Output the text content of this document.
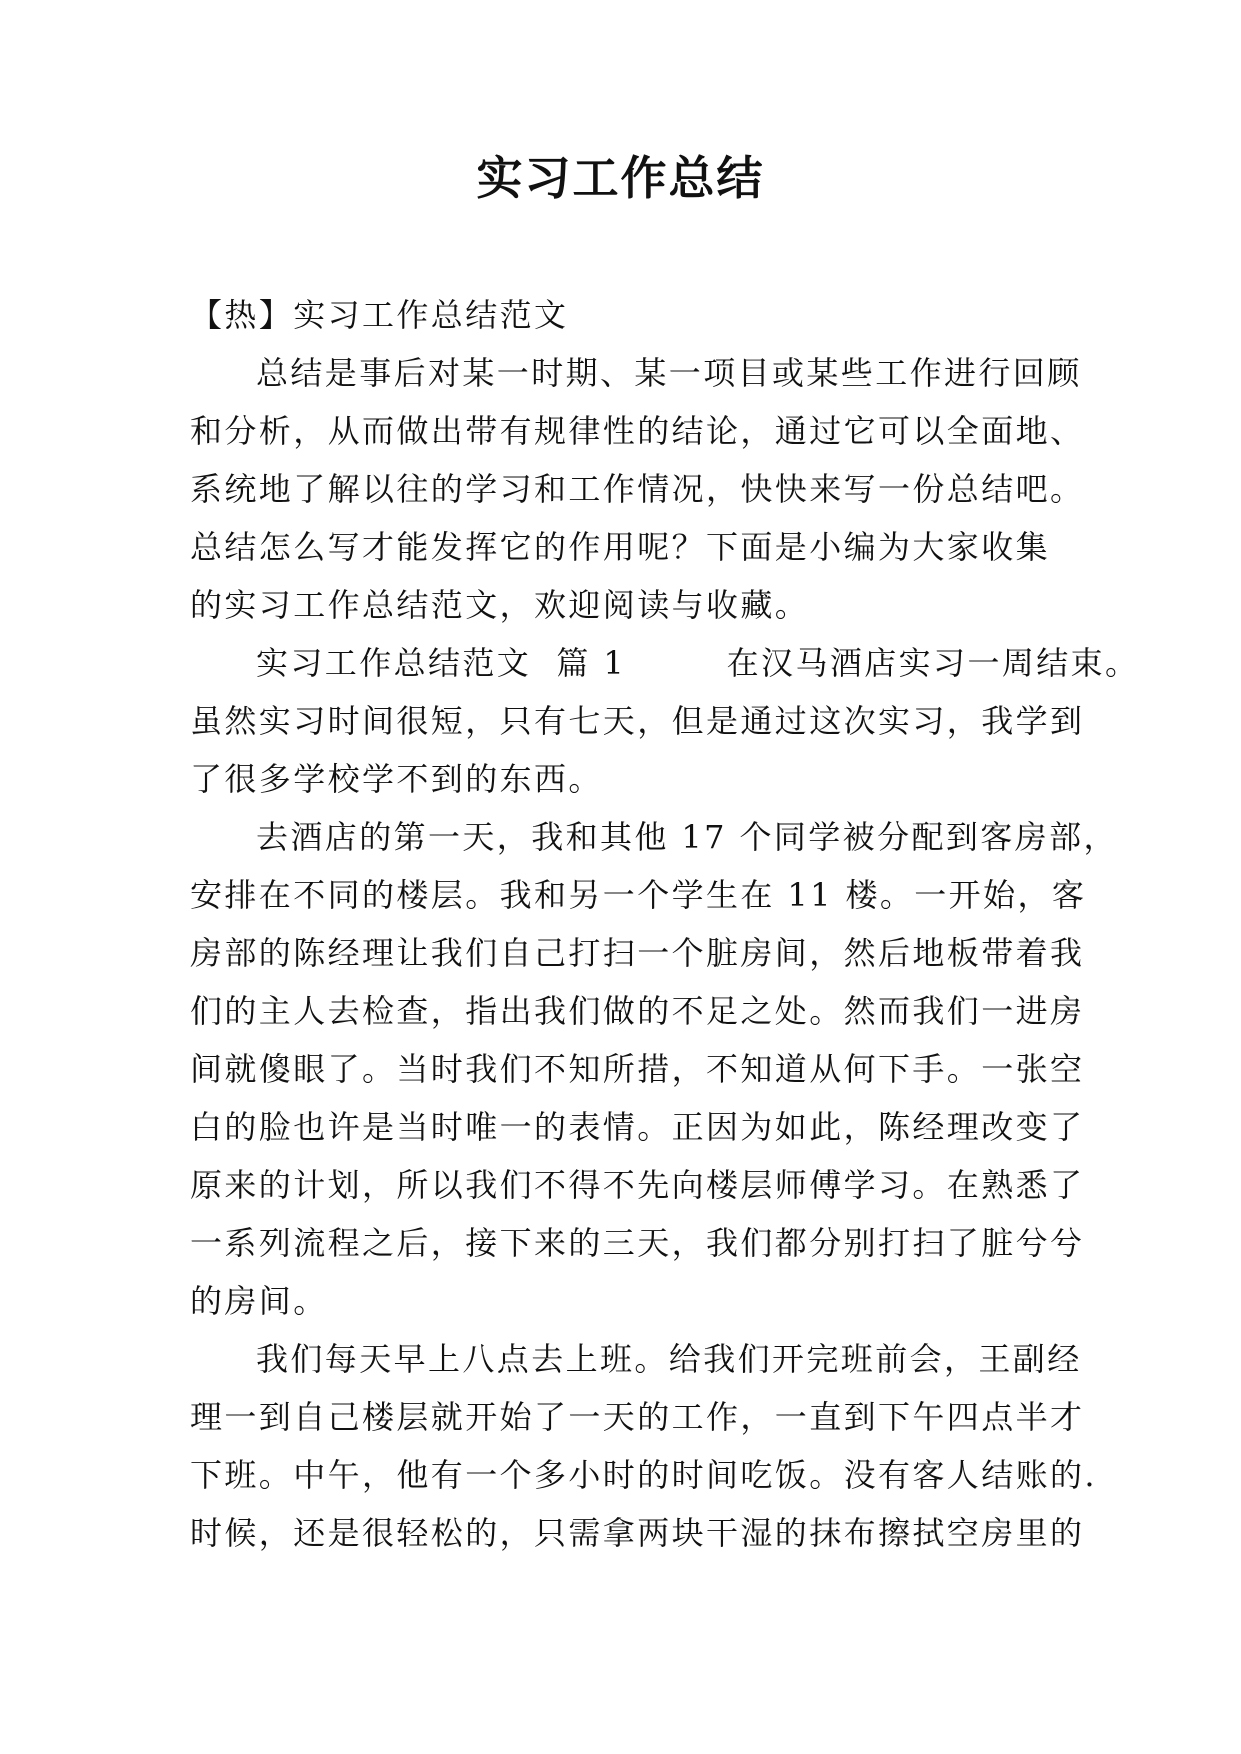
实习工作总结
【热】实习工作总结范文
总结是事后对某一时期、某一项目或某些工作进行回顾
和分析，从而做出带有规律性的结论，通过它可以全面地、
系统地了解以往的学习和工作情况，快快来写一份总结吧。
总结怎么写才能发挥它的作用呢？下面是小编为大家收集
的实习工作总结范文，欢迎阅读与收藏。
实习工作总结范文  篇 1        在汉马酒店实习一周结束。
虽然实习时间很短，只有七天，但是通过这次实习，我学到
了很多学校学不到的东西。
去酒店的第一天，我和其他 17 个同学被分配到客房部，
安排在不同的楼层。我和另一个学生在 11 楼。一开始，客
房部的陈经理让我们自己打扫一个脏房间，然后地板带着我
们的主人去检查，指出我们做的不足之处。然而我们一进房
间就傻眼了。当时我们不知所措，不知道从何下手。一张空
白的脸也许是当时唯一的表情。正因为如此，陈经理改变了
原来的计划，所以我们不得不先向楼层师傅学习。在熟悉了
一系列流程之后，接下来的三天，我们都分别打扫了脏兮兮
的房间。
我们每天早上八点去上班。给我们开完班前会，王副经
理一到自己楼层就开始了一天的工作，一直到下午四点半才
下班。中午，他有一个多小时的时间吃饭。没有客人结账的.
时候，还是很轻松的，只需拿两块干湿的抹布擦拭空房里的
